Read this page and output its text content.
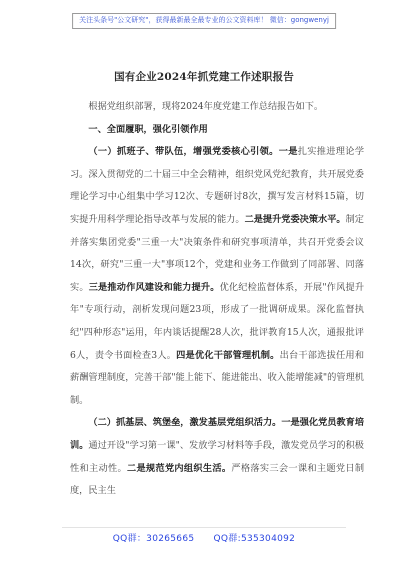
关注头条号"公文研究"，获得最新最全最专业的公文资料库！ 微信：gongwenyj
国有企业2024年抓党建工作述职报告

根据党组织部署，现将2024年度党建工作总结报告如下。

一、全面履职，强化引领作用

（一）抓班子、带队伍，增强党委核心引领。一是扎实推进理论学习。深入贯彻党的二十届三中全会精神，组织党风党纪教育，共开展党委理论学习中心组集中学习12次、专题研讨8次，撰写发言材料15篇，切实提升用科学理论指导改革与发展的能力。二是提升党委决策水平。制定并落实集团党委"三重一大"决策条件和研究事项清单，共召开党委会议14次，研究"三重一大"事项12个，党建和业务工作做到了同部署、同落实。三是推动作风建设和能力提升。优化纪检监督体系，开展"作风提升年"专项行动，剖析发现问题23项，形成了一批调研成果。深化监督执纪"四种形态"运用，年内谈话提醒28人次，批评教育15人次，通报批评6人，责令书面检查3人。四是优化干部管理机制。出台干部选拔任用和薪酬管理制度，完善干部"能上能下、能进能出、收入能增能减"的管理机制。

（二）抓基层、筑堡垒，激发基层党组织活力。一是强化党员教育培训。通过开设"学习第一课"、发放学习材料等手段，激发党员学习的积极性和主动性。二是规范党内组织生活。严格落实三会一课和主题党日制度，民主生

QQ群：30265665 QQ群:535304092
